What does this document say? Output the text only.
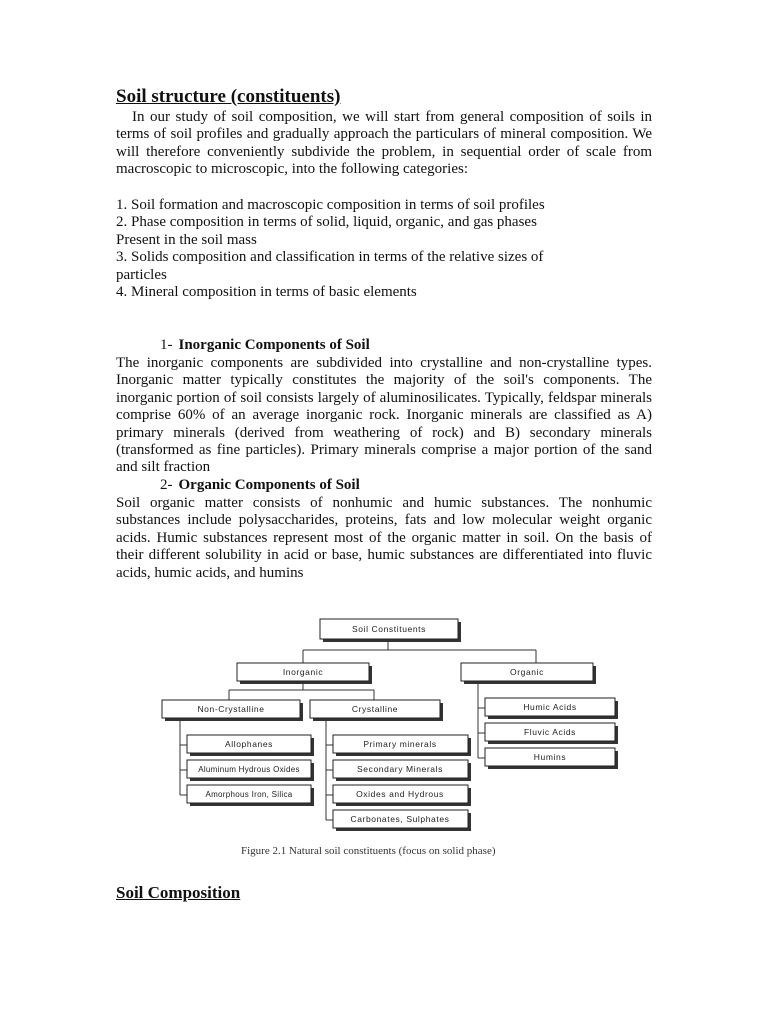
Soil structure (constituents)

In our study of soil composition, we will start from general composition of soils in terms of soil profiles and gradually approach the particulars of mineral composition. We will therefore conveniently subdivide the problem, in sequential order of scale from macroscopic to microscopic, into the following categories:

1. Soil formation and macroscopic composition in terms of soil profiles
2. Phase composition in terms of solid, liquid, organic, and gas phases
Present in the soil mass
3. Solids composition and classification in terms of the relative sizes of
particles
4. Mineral composition in terms of basic elements
1- Inorganic Components of Soil

The inorganic components are subdivided into crystalline and non-crystalline types. Inorganic matter typically constitutes the majority of the soil's components. The inorganic portion of soil consists largely of aluminosilicates. Typically, feldspar minerals comprise 60% of an average inorganic rock. Inorganic minerals are classified as A) primary minerals (derived from weathering of rock) and B) secondary minerals (transformed as fine particles). Primary minerals comprise a major portion of the sand and silt fraction

2- Organic Components of Soil

Soil organic matter consists of nonhumic and humic substances. The nonhumic substances include polysaccharides, proteins, fats and low molecular weight organic acids. Humic substances represent most of the organic matter in soil. On the basis of their different solubility in acid or base, humic substances are differentiated into fluvic acids, humic acids, and humins

Soil Constituents
Inorganic	Organic
Non-Crystalline	Crystalline
Allophanes
Aluminum Hydrous Oxides
Amorphous Iron, Silica
Primary minerals
Secondary Minerals
Oxides and Hydrous
Carbonates, Sulphates
Humic Acids
Fluvic Acids
Humins

Figure 2.1 Natural soil constituents (focus on solid phase)

Soil Composition
